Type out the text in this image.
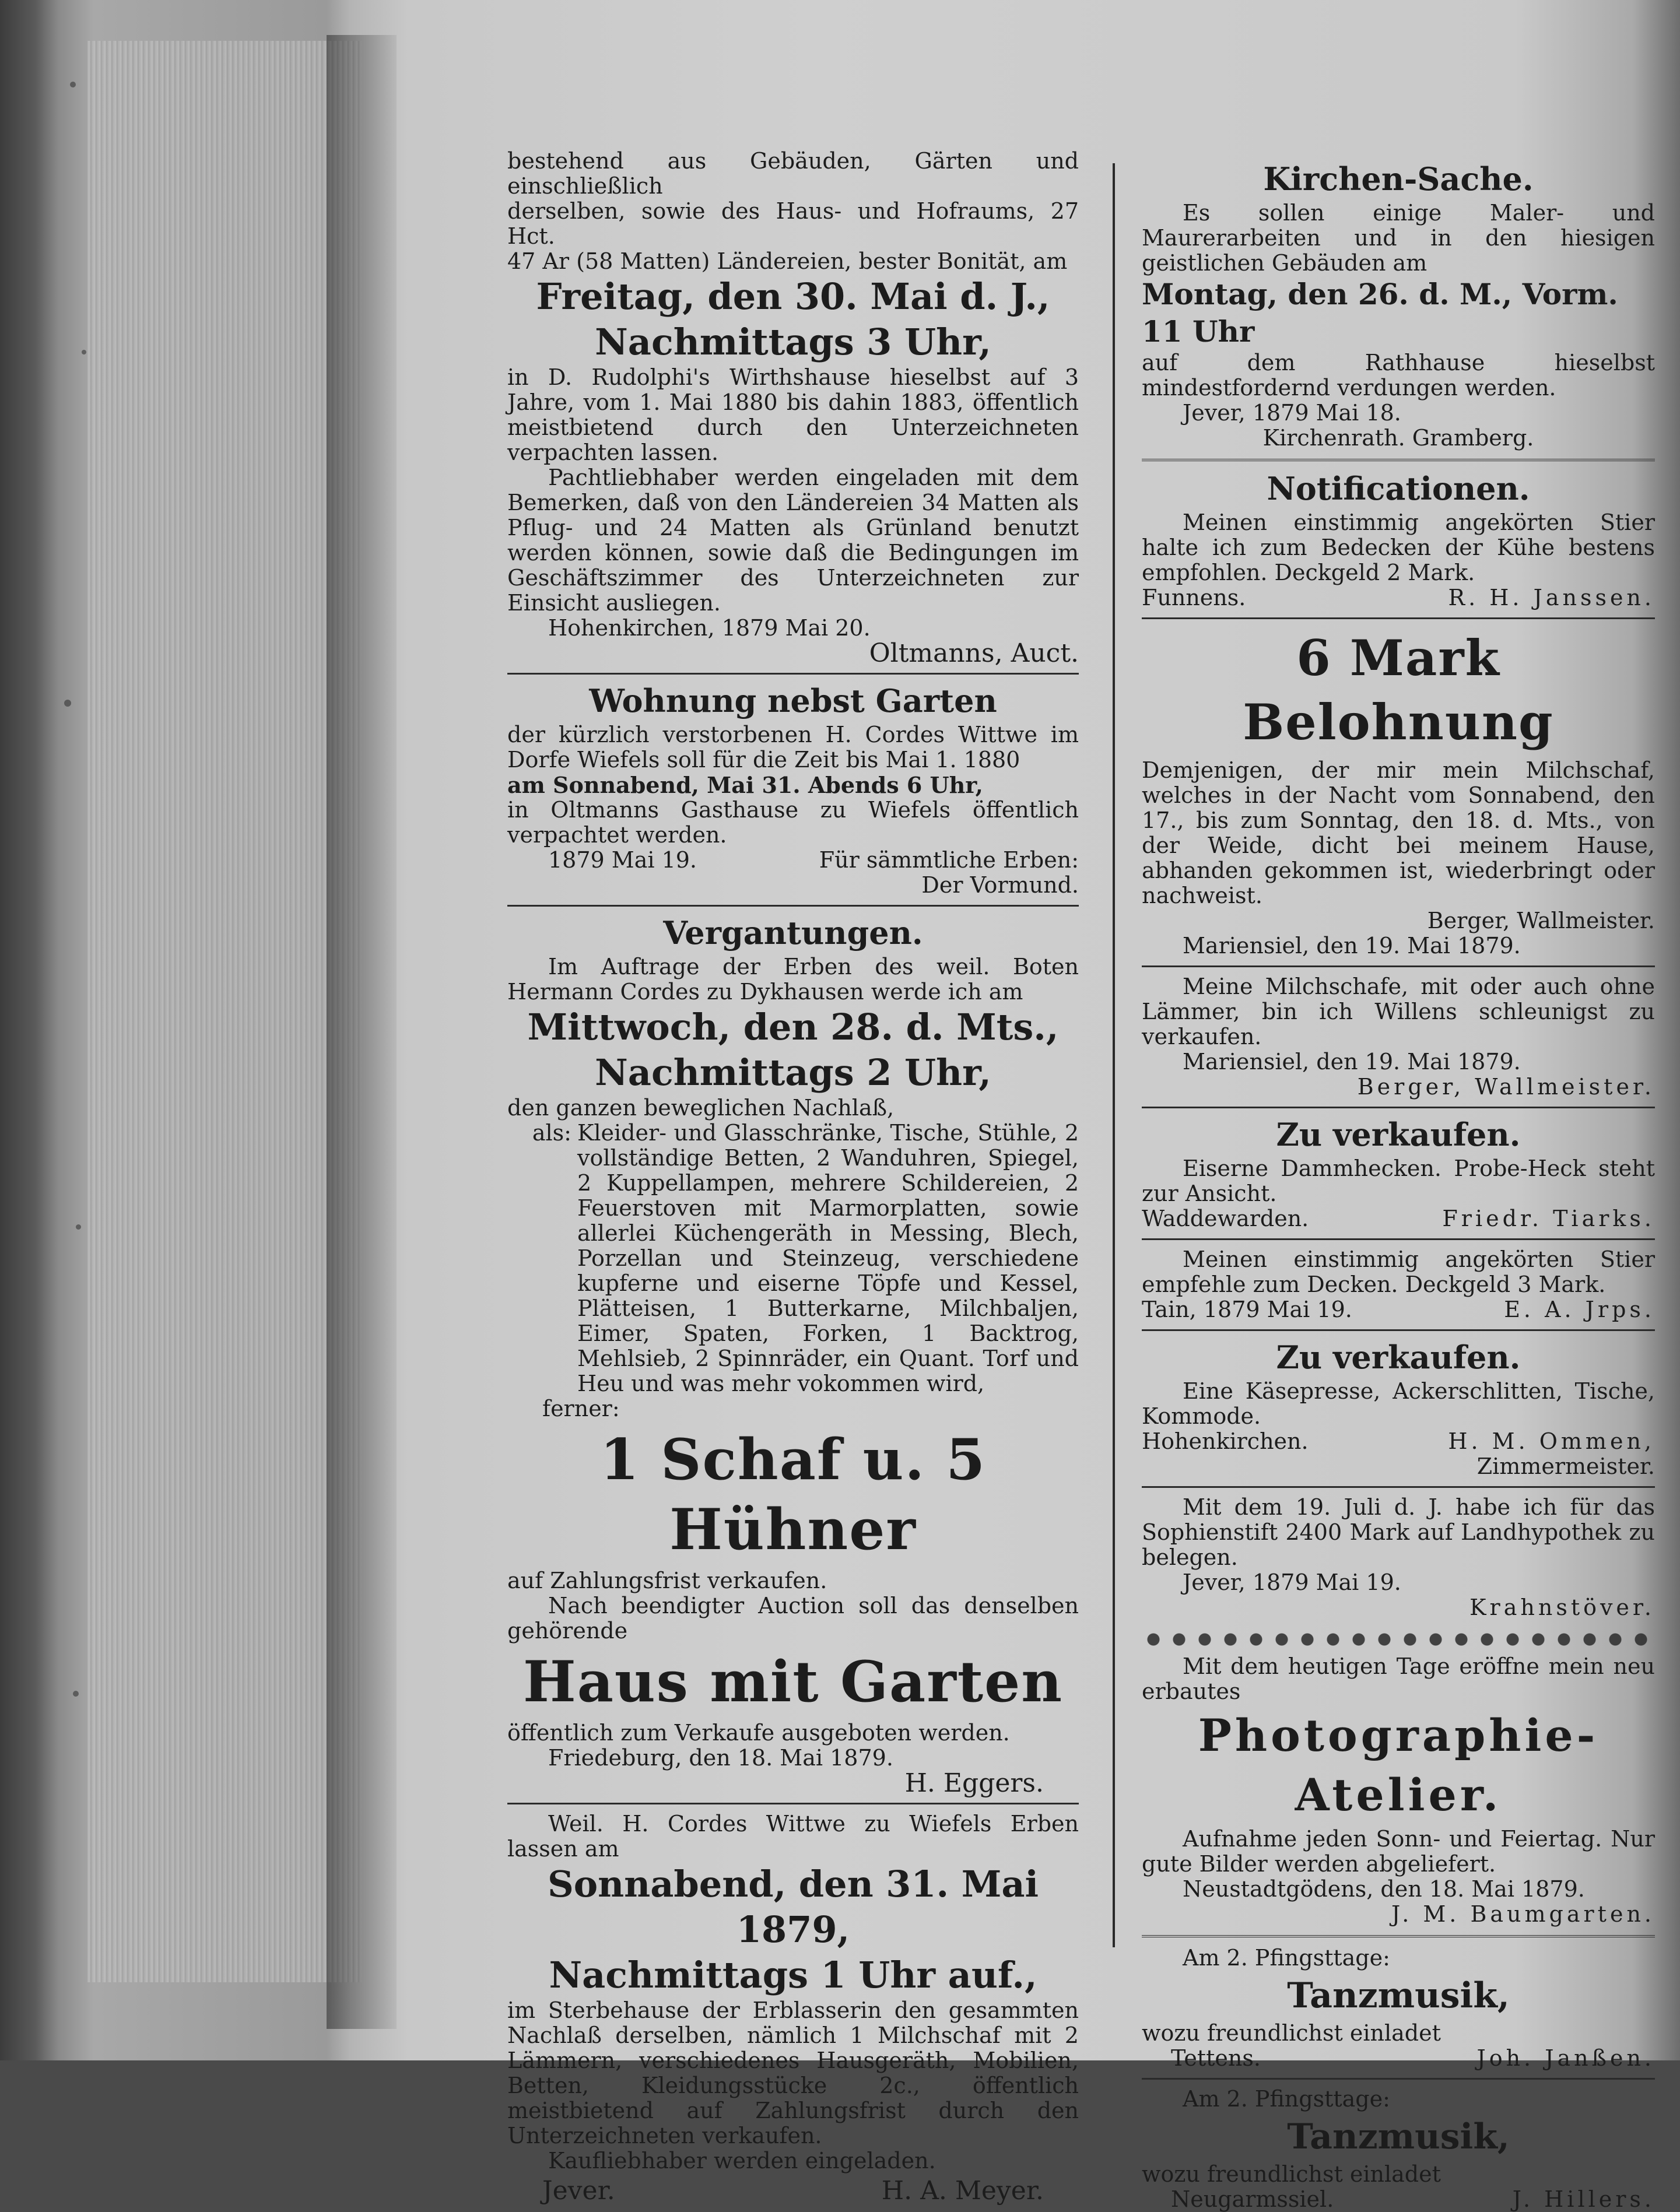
bestehend aus Gebäuden, Gärten und einschließlich

derselben, sowie des Haus- und Hofraums, 27 Hct.

47 Ar (58 Matten) Ländereien, bester Bonität, am

Freitag, den 30. Mai d. J.,

Nachmittags 3 Uhr,

in D. Rudolphi's Wirthshause hieselbst auf 3 Jahre, vom 1. Mai 1880 bis dahin 1883, öffentlich meistbietend durch den Unterzeichneten verpachten lassen.

Pachtliebhaber werden eingeladen mit dem Bemerken, daß von den Ländereien 34 Matten als Pflug- und 24 Matten als Grünland benutzt werden können, sowie daß die Bedingungen im Geschäftszimmer des Unterzeichneten zur Einsicht ausliegen.

Hohenkirchen, 1879 Mai 20.

Oltmanns, Auct.

Wohnung nebst Garten

der kürzlich verstorbenen H. Cordes Wittwe im Dorfe Wiefels soll für die Zeit bis Mai 1. 1880

am Sonnabend, Mai 31. Abends 6 Uhr,

in Oltmanns Gasthause zu Wiefels öffentlich verpachtet werden.

1879 Mai 19.	Für sämmtliche Erben:

Der Vormund.

Vergantungen.

Im Auftrage der Erben des weil. Boten Hermann Cordes zu Dykhausen werde ich am

Mittwoch, den 28. d. Mts.,

Nachmittags 2 Uhr,

den ganzen beweglichen Nachlaß,

als: Kleider- und Glasschränke, Tische, Stühle, 2 vollständige Betten, 2 Wanduhren, Spiegel, 2 Kuppellampen, mehrere Schildereien, 2 Feuerstoven mit Marmorplatten, sowie allerlei Küchengeräth in Messing, Blech, Porzellan und Steinzeug, verschiedene kupferne und eiserne Töpfe und Kessel, Plätteisen, 1 Butterkarne, Milchbaljen, Eimer, Spaten, Forken, 1 Backtrog, Mehlsieb, 2 Spinnräder, ein Quant. Torf und Heu und was mehr vokommen wird,

ferner:

1 Schaf u. 5 Hühner

auf Zahlungsfrist verkaufen.

Nach beendigter Auction soll das denselben gehörende

Haus mit Garten

öffentlich zum Verkaufe ausgeboten werden.

Friedeburg, den 18. Mai 1879.

H. Eggers.

Weil. H. Cordes Wittwe zu Wiefels Erben lassen am

Sonnabend, den 31. Mai 1879,

Nachmittags 1 Uhr auf.,

im Sterbehause der Erblasserin den gesammten Nachlaß derselben, nämlich 1 Milchschaf mit 2 Lämmern, verschiedenes Hausgeräth, Mobilien, Betten, Kleidungsstücke 2c., öffentlich meistbietend auf Zahlungsfrist durch den Unterzeichneten verkaufen.

Kaufliebhaber werden eingeladen.

Jever.	H. A. Meyer.

Kirchen-Sache.

Es sollen einige Maler- und Maurerarbeiten und in den hiesigen geistlichen Gebäuden am

Montag, den 26. d. M., Vorm. 11 Uhr

auf dem Rathhause hieselbst mindestfordernd verdungen werden.

Jever, 1879 Mai 18.

Kirchenrath. Gramberg.

Notificationen.

Meinen einstimmig angekörten Stier halte ich zum Bedecken der Kühe bestens empfohlen. Deckgeld 2 Mark.

Funnens.	R. H. Janssen.

6 Mark Belohnung

Demjenigen, der mir mein Milchschaf, welches in der Nacht vom Sonnabend, den 17., bis zum Sonntag, den 18. d. Mts., von der Weide, dicht bei meinem Hause, abhanden gekommen ist, wiederbringt oder nachweist.

Berger, Wallmeister.

Mariensiel, den 19. Mai 1879.

Meine Milchschafe, mit oder auch ohne Lämmer, bin ich Willens schleunigst zu verkaufen.

Mariensiel, den 19. Mai 1879.

Berger, Wallmeister.

Zu verkaufen.

Eiserne Dammhecken. Probe-Heck steht zur Ansicht.

Waddewarden.	Friedr. Tiarks.

Meinen einstimmig angekörten Stier empfehle zum Decken. Deckgeld 3 Mark.

Tain, 1879 Mai 19.	E. A. Jrps.

Zu verkaufen.

Eine Käsepresse, Ackerschlitten, Tische, Kommode.

Hohenkirchen.	H. M. Ommen,

Zimmermeister.

Mit dem 19. Juli d. J. habe ich für das Sophienstift 2400 Mark auf Landhypothek zu belegen.

Jever, 1879 Mai 19.

Krahnstöver.

Mit dem heutigen Tage eröffne mein neu erbautes

Photographie-

Atelier.

Aufnahme jeden Sonn- und Feiertag. Nur gute Bilder werden abgeliefert.

Neustadtgödens, den 18. Mai 1879.

J. M. Baumgarten.

Am 2. Pfingsttage:

Tanzmusik,

wozu freundlichst einladet

Tettens.	Joh. Janßen.

Am 2. Pfingsttage:

Tanzmusik,

wozu freundlichst einladet

Neugarmssiel.	J. Hillers.
